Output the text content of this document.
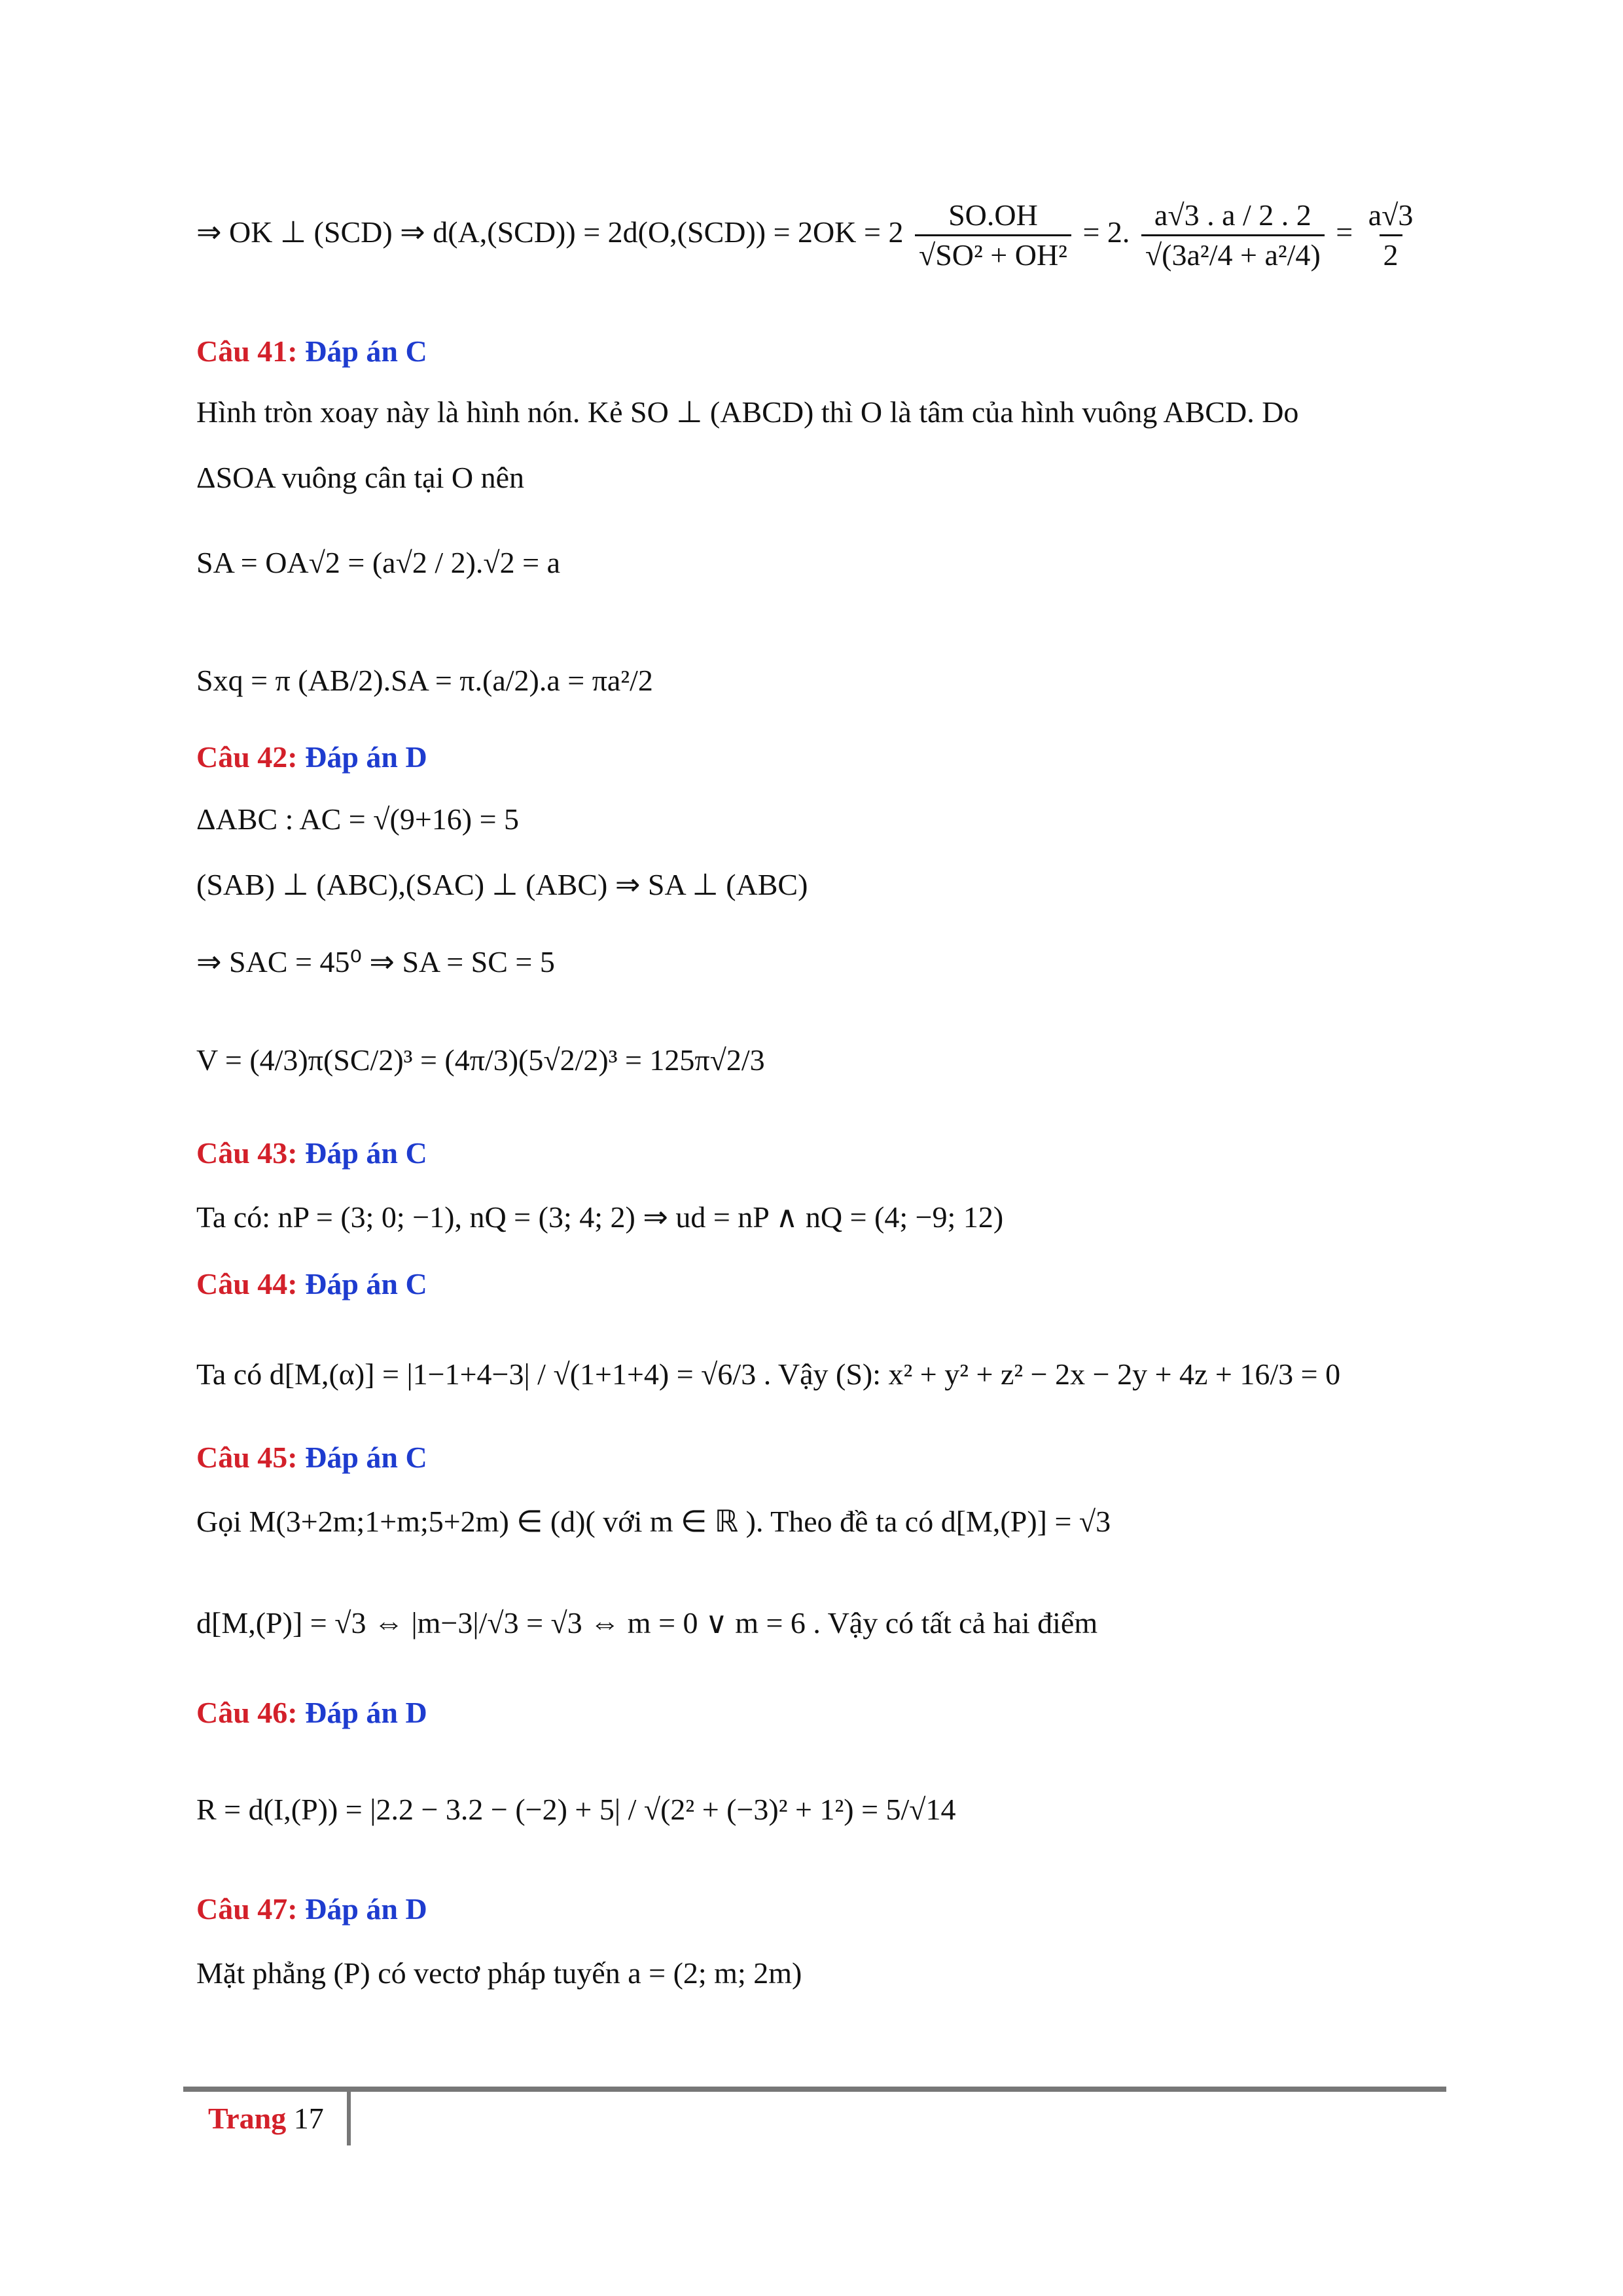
⇒ OK ⊥ (SCD) ⇒ $d(A,(SCD)) = 2d(O,(SCD)) = 2OK = 2 \frac{SO.OH}{\text{√SO² + OH²}} = 2$. $\frac{a√3 . a / 2 . 2}{\text{√(3a²/4 + a²/4)}} = \frac{a√3}{2}$
Câu 41: Đáp án C
Hình tròn xoay này là hình nón. Kẻ SO ⊥ (ABCD) thì O là tâm của hình vuông ABCD. Do
ΔSOA vuông cân tại O nên
SA = OA√2 = (a√2 / 2).√2 = a
Sxq = π (AB/2).SA = π.(a/2).a = πa²/2
Câu 42: Đáp án D
ΔABC : AC = √(9+16) = 5
(SAB) ⊥ (ABC),(SAC) ⊥ (ABC) ⇒ SA ⊥ (ABC)
⇒ SAC = 45⁰ ⇒ SA = SC = 5
V = (4/3)π(SC/2)³ = (4π/3)(5√2/2)³ = 125π√2/3
Câu 43: Đáp án C
Ta có: nP = (3; 0; −1), nQ = (3; 4; 2) ⇒ ud = nP ∧ nQ = (4; −9; 12)
Câu 44: Đáp án C
Ta có d[M,(α)] = |1−1+4−3| / √(1+1+4) = √6/3 . Vậy (S): x² + y² + z² − 2x − 2y + 4z + 16/3 = 0
Câu 45: Đáp án C
Gọi M(3+2m;1+m;5+2m) ∈ (d)( với m ∈ ℝ ). Theo đề ta có d[M,(P)] = √3
d[M,(P)] = √3 ⇔ |m−3|/√3 = √3 ⇔ m = 0 ∨ m = 6 . Vậy có tất cả hai điểm
Câu 46: Đáp án D
R = d(I,(P)) = |2.2 − 3.2 − (−2) + 5| / √(2² + (−3)² + 1²) = 5/√14
Câu 47: Đáp án D
Mặt phẳng (P) có vectơ pháp tuyến a = (2; m; 2m)
Trang 17
